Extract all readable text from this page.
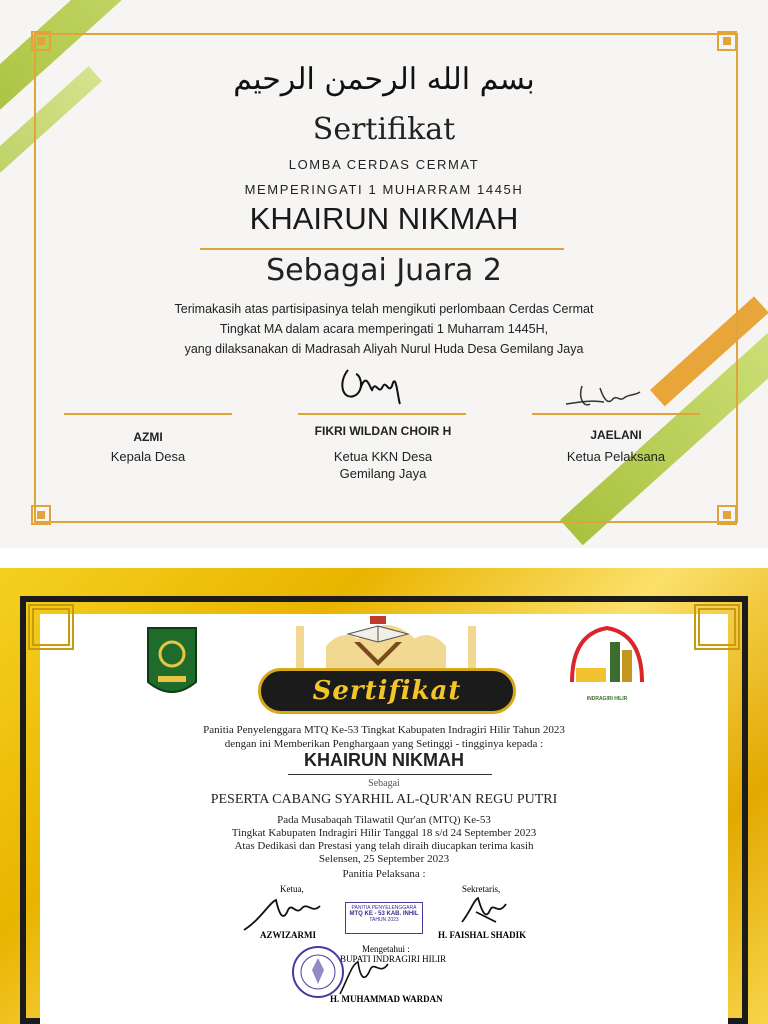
بسم الله الرحمن الرحيم
Sertifikat
LOMBA CERDAS CERMAT
MEMPERINGATI 1 MUHARRAM 1445H
KHAIRUN NIKMAH
Sebagai Juara 2
Terimakasih atas partisipasinya telah mengikuti perlombaan Cerdas Cermat
Tingkat MA dalam acara memperingati 1 Muharram 1445H,
yang dilaksanakan di Madrasah Aliyah Nurul Huda Desa Gemilang Jaya
AZMI
Kepala Desa
FIKRI WILDAN CHOIR H
Ketua KKN Desa
Gemilang Jaya
JAELANI
Ketua Pelaksana
INDRAGIRI HILIR
Sertifikat
Panitia Penyelenggara MTQ Ke-53 Tingkat Kabupaten Indragiri Hilir Tahun 2023
dengan ini Memberikan Penghargaan yang Setinggi - tingginya kepada :
KHAIRUN NIKMAH
Sebagai
PESERTA CABANG SYARHIL AL-QUR'AN REGU PUTRI
Pada Musabaqah Tilawatil Qur'an (MTQ) Ke-53
Tingkat Kabupaten Indragiri Hilir Tanggal 18 s/d 24 September 2023
Atas Dedikasi dan Prestasi yang telah diraih diucapkan terima kasih
Selensen, 25 September 2023
Panitia Pelaksana :
Ketua,
AZWIZARMI
PANITIA PENYELENGGARA
MTQ KE - 53 KAB. INHIL
TAHUN 2023
Sekretaris,
H. FAISHAL SHADIK
Mengetahui :
BUPATI INDRAGIRI HILIR
H. MUHAMMAD WARDAN
